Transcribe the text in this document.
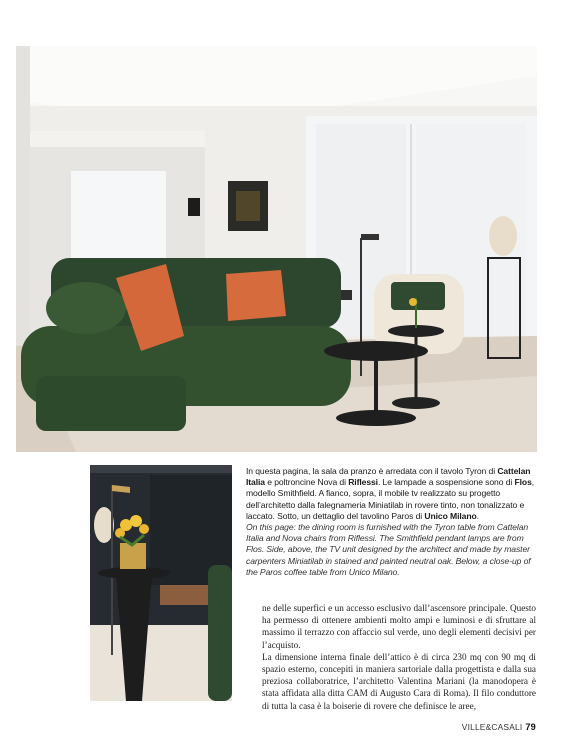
In questa pagina, la sala da pranzo è arredata con il tavolo Tyron di Cattelan Italia e poltroncine Nova di Riflessi. Le lampade a sospensione sono di Flos, modello Smithfield. A fianco, sopra, il mobile tv realizzato su progetto dell’architetto dalla falegnameria Miniatilab in rovere tinto, non tonalizzato e laccato. Sotto, un dettaglio del tavolino Paros di Unico Milano.

On this page: the dining room is furnished with the Tyron table from Cattelan Italia and Nova chairs from Riflessi. The Smithfield pendant lamps are from Flos. Side, above, the TV unit designed by the architect and made by master carpenters Miniatilab in stained and painted neutral oak. Below, a close-up of the Paros coffee table from Unico Milano.

ne delle superfici e un accesso esclusivo dall’ascensore principale. Questo ha permesso di ottenere ambienti molto ampi e luminosi e di sfruttare al massimo il terrazzo con affaccio sul verde, uno degli elementi decisivi per l’acquisto.

La dimensione interna finale dell’attico è di circa 230 mq con 90 mq di spazio esterno, concepiti in maniera sartoriale dalla progettista e dalla sua preziosa collaboratrice, l’architetto Valentina Mariani (la manodopera è stata affidata alla ditta CAM di Augusto Cara di Roma). Il filo conduttore di tutta la casa è la boiserie di rovere che definisce le aree,

VILLE&CASALI 79
